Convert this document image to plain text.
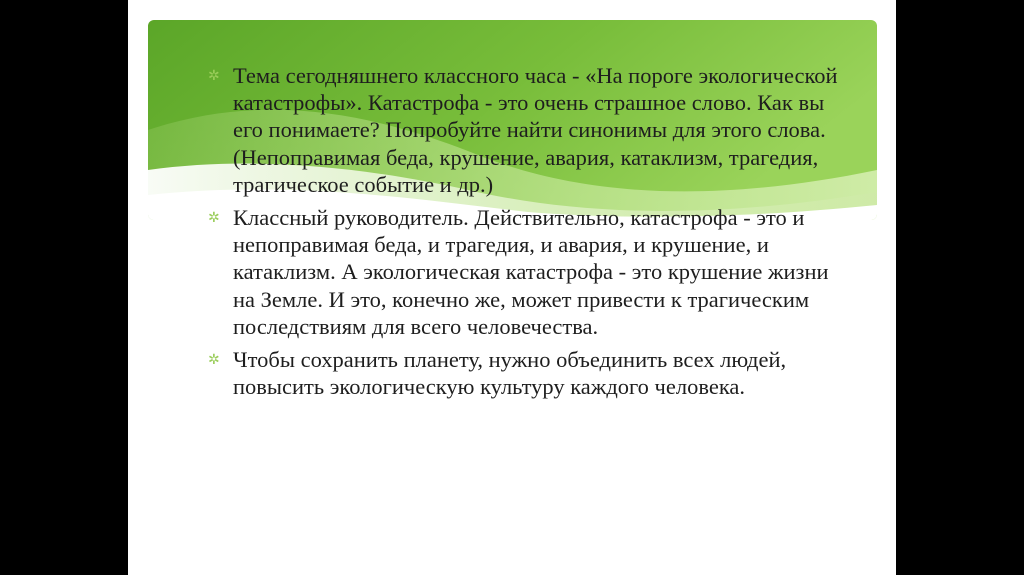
✲ Тема сегодняшнего классного часа - «На пороге экологической катастрофы». Катастрофа - это очень страшное слово. Как вы его понимаете? Попробуйте найти синонимы для этого слова. (Непоправимая беда, крушение, авария, катаклизм, трагедия, трагическое событие и др.)

✲ Классный руководитель. Действительно, катастрофа - это и непоправимая беда, и трагедия, и авария, и крушение, и катаклизм. А экологическая катастрофа - это крушение жизни на Земле. И это, конечно же, может привести к трагическим последствиям для всего человечества.

✲ Чтобы сохранить планету, нужно объединить всех людей, повысить экологическую культуру каждого человека.
